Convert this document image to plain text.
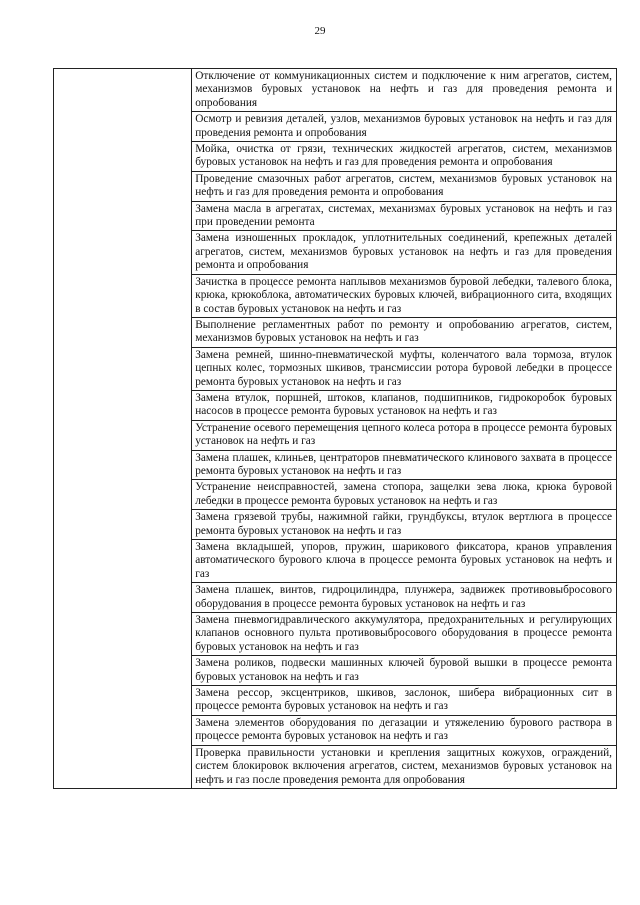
29

Отключение от коммуникационных систем и подключение к ним агрегатов, систем, механизмов буровых установок на нефть и газ для проведения ремонта и опробования

Осмотр и ревизия деталей, узлов, механизмов буровых установок на нефть и газ для проведения ремонта и опробования

Мойка, очистка от грязи, технических жидкостей агрегатов, систем, механизмов буровых установок на нефть и газ для проведения ремонта и опробования

Проведение смазочных работ агрегатов, систем, механизмов буровых установок на нефть и газ для проведения ремонта и опробования

Замена масла в агрегатах, системах, механизмах буровых установок на нефть и газ при проведении ремонта

Замена изношенных прокладок, уплотнительных соединений, крепежных деталей агрегатов, систем, механизмов буровых установок на нефть и газ для проведения ремонта и опробования

Зачистка в процессе ремонта наплывов механизмов буровой лебедки, талевого блока, крюка, крюкоблока, автоматических буровых ключей, вибрационного сита, входящих в состав буровых установок на нефть и газ

Выполнение регламентных работ по ремонту и опробованию агрегатов, систем, механизмов буровых установок на нефть и газ

Замена ремней, шинно-пневматической муфты, коленчатого вала тормоза, втулок цепных колес, тормозных шкивов, трансмиссии ротора буровой лебедки в процессе ремонта буровых установок на нефть и газ

Замена втулок, поршней, штоков, клапанов, подшипников, гидрокоробок буровых насосов в процессе ремонта буровых установок на нефть и газ

Устранение осевого перемещения цепного колеса ротора в процессе ремонта буровых установок на нефть и газ

Замена плашек, клиньев, центраторов пневматического клинового захвата в процессе ремонта буровых установок на нефть и газ

Устранение неисправностей, замена стопора, защелки зева люка, крюка буровой лебедки в процессе ремонта буровых установок на нефть и газ

Замена грязевой трубы, нажимной гайки, грундбуксы, втулок вертлюга в процессе ремонта буровых установок на нефть и газ

Замена вкладышей, упоров, пружин, шарикового фиксатора, кранов управления автоматического бурового ключа в процессе ремонта буровых установок на нефть и газ

Замена плашек, винтов, гидроцилиндра, плунжера, задвижек противовыбросового оборудования в процессе ремонта буровых установок на нефть и газ

Замена пневмогидравлического аккумулятора, предохранительных и регулирующих клапанов основного пульта противовыбросового оборудования в процессе ремонта буровых установок на нефть и газ

Замена роликов, подвески машинных ключей буровой вышки в процессе ремонта буровых установок на нефть и газ

Замена рессор, эксцентриков, шкивов, заслонок, шибера вибрационных сит в процессе ремонта буровых установок на нефть и газ

Замена элементов оборудования по дегазации и утяжелению бурового раствора в процессе ремонта буровых установок на нефть и газ

Проверка правильности установки и крепления защитных кожухов, ограждений, систем блокировок включения агрегатов, систем, механизмов буровых установок на нефть и газ после проведения ремонта для опробования
